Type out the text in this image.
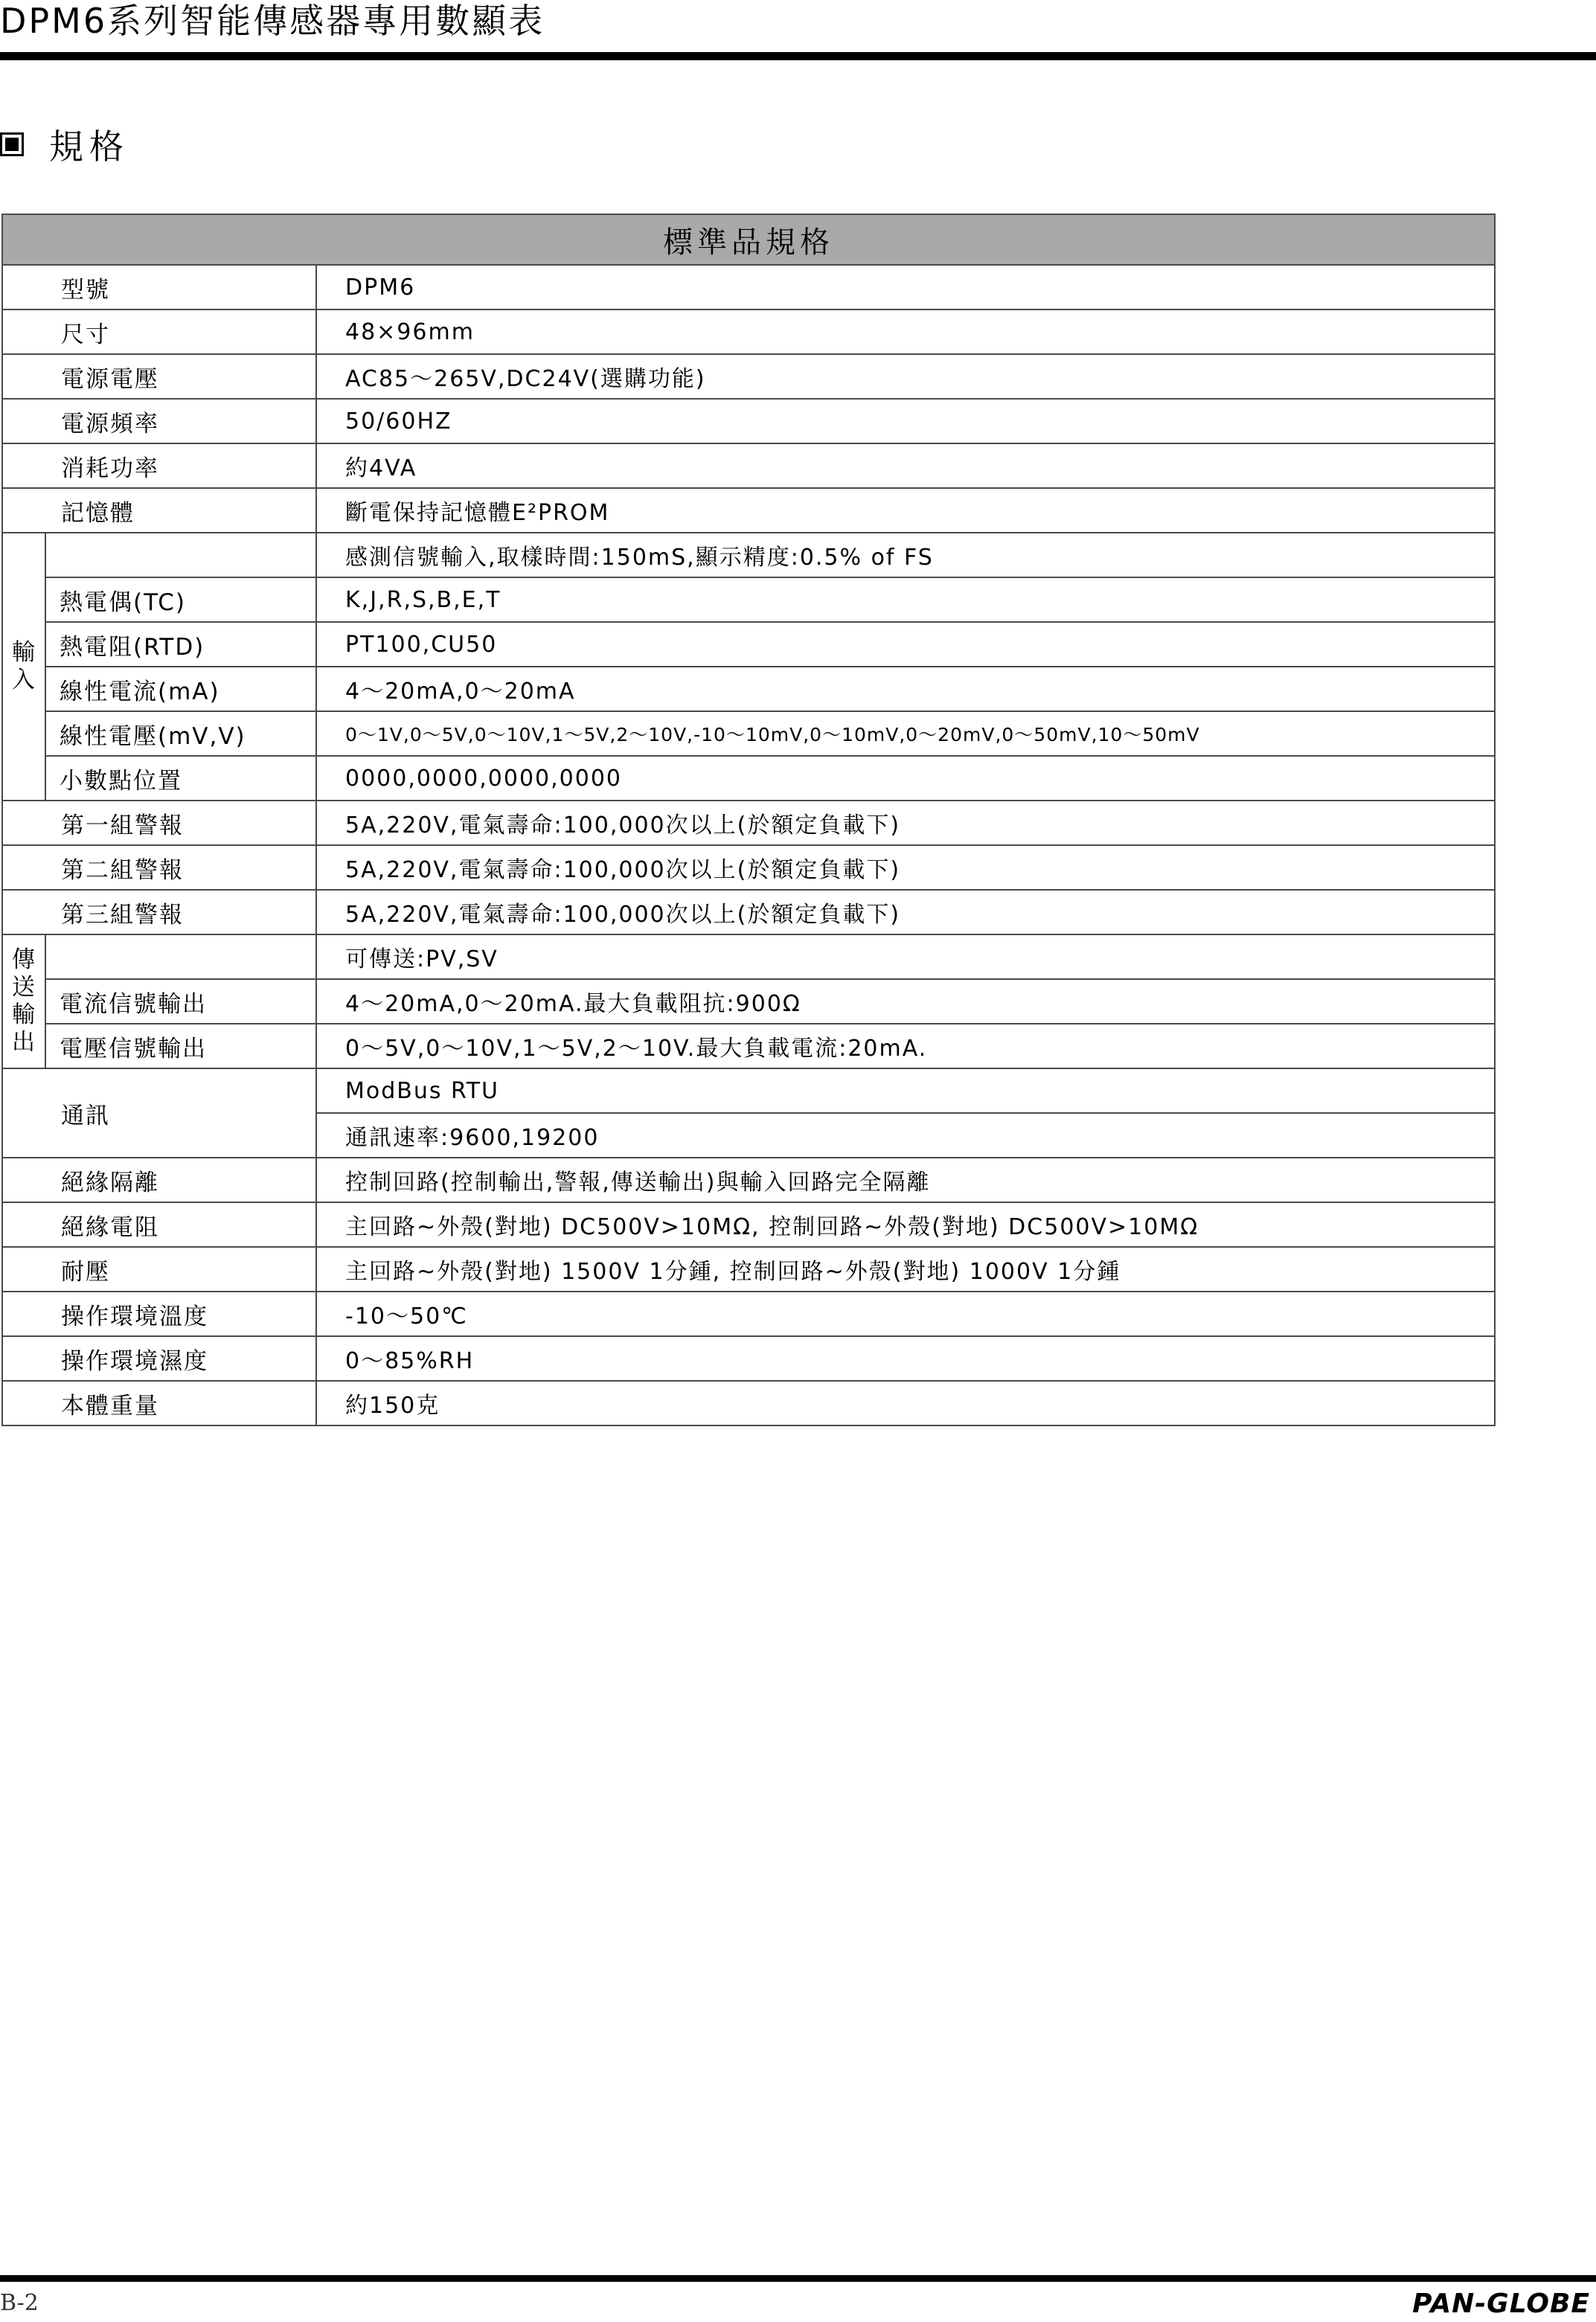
DPM6系列智能傳感器專用數顯表
規格
標準品規格		
型號		DPM6
尺寸		48×96mm
電源電壓		AC85～265V,DC24V(選購功能)
電源頻率		50/60HZ
消耗功率		約4VA
記憶體		斷電保持記憶體E²PROM
輸入		感測信號輸入,取樣時間:150mS,顯示精度:0.5% of FS
	熱電偶(TC)	K,J,R,S,B,E,T
	熱電阻(RTD)	PT100,CU50
	線性電流(mA)	4～20mA,0～20mA
	線性電壓(mV,V)	0～1V,0～5V,0～10V,1～5V,2～10V,-10～10mV,0～10mV,0～20mV,0～50mV,10～50mV
	小數點位置	0000,0000,0000,0000
第一組警報		5A,220V,電氣壽命:100,000次以上(於額定負載下)
第二組警報		5A,220V,電氣壽命:100,000次以上(於額定負載下)
第三組警報		5A,220V,電氣壽命:100,000次以上(於額定負載下)
傳送輸出		可傳送:PV,SV
	電流信號輸出	4～20mA,0～20mA.最大負載阻抗:900Ω
	電壓信號輸出	0～5V,0～10V,1～5V,2～10V.最大負載電流:20mA.
通訊		ModBus RTU
		通訊速率:9600,19200
絕緣隔離		控制回路(控制輸出,警報,傳送輸出)與輸入回路完全隔離
絕緣電阻		主回路~外殼(對地) DC500V>10MΩ, 控制回路~外殼(對地) DC500V>10MΩ
耐壓		主回路~外殼(對地) 1500V 1分鍾, 控制回路~外殼(對地) 1000V 1分鍾
操作環境溫度		-10～50℃
操作環境濕度		0～85%RH
本體重量		約150克
B-2	PAN-GLOBE
